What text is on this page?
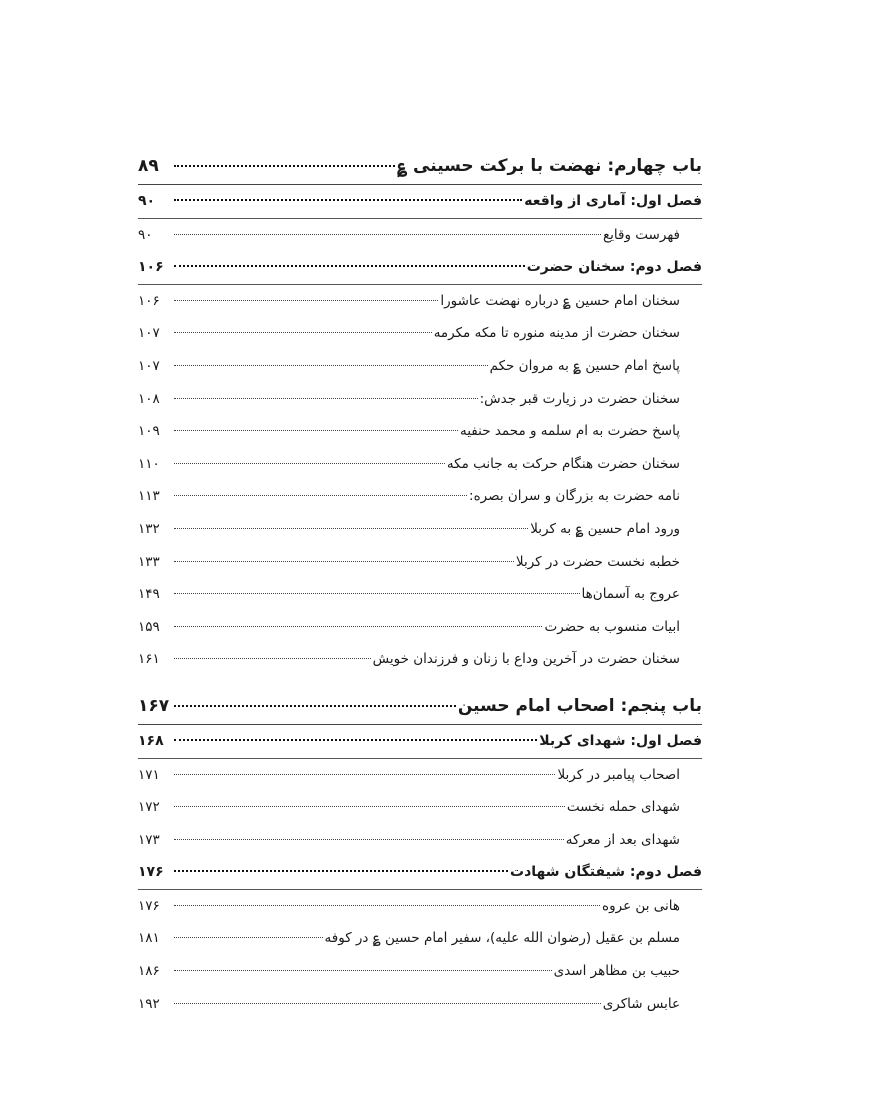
باب چهارم: نهضت با برکت حسینی ؏
۸۹
فصل اول: آماری از واقعه
۹۰
فهرست وقایع
۹۰
فصل دوم: سخنان حضرت
۱۰۶
سخنان امام حسین ؏ درباره نهضت عاشورا
۱۰۶
سخنان حضرت از مدینه منوره تا مکه مکرمه
۱۰۷
پاسخ امام حسین ؏ به مروان حکم
۱۰۷
سخنان حضرت در زیارت قبر جدش:
۱۰۸
پاسخ حضرت به ام سلمه و محمد حنفیه
۱۰۹
سخنان حضرت هنگام حرکت به جانب مکه
۱۱۰
نامه حضرت به بزرگان و سران بصره:
۱۱۳
ورود امام حسین ؏ به کربلا
۱۳۲
خطبه نخست حضرت در کربلا
۱۳۳
عروج به آسمان‌ها
۱۴۹
ابیات منسوب به حضرت
۱۵۹
سخنان حضرت در آخرین وداع با زنان و فرزندان خویش
۱۶۱
باب پنجم: اصحاب امام حسین
۱۶۷
فصل اول: شهدای کربلا
۱۶۸
اصحاب پیامبر در کربلا
۱۷۱
شهدای حمله نخست
۱۷۲
شهدای بعد از معرکه
۱۷۳
فصل دوم: شیفتگان شهادت
۱۷۶
هانی بن عروه
۱۷۶
مسلم بن عقیل (رضوان الله علیه)، سفیر امام حسین ؏ در کوفه
۱۸۱
حبیب بن مظاهر اسدی
۱۸۶
عابس شاکری
۱۹۲
